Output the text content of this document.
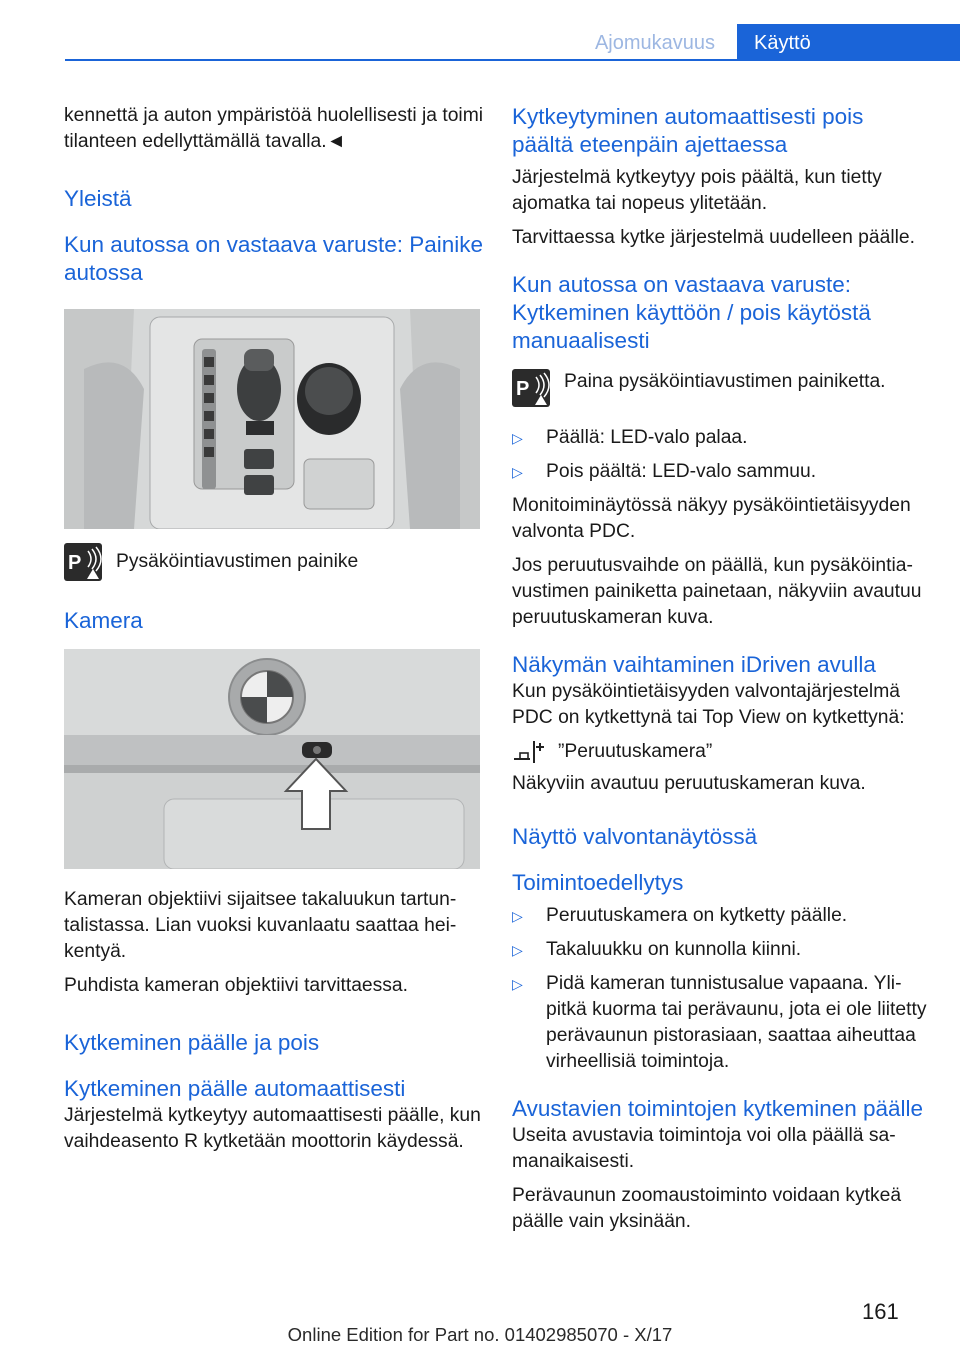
Ajomukavuus	Käyttö

kennettä ja auton ympäristöä huolellisesti ja toimi tilanteen edellyttämällä tavalla.◄

Yleistä
Kun autossa on vastaava varuste: Painike autossa
P Pysäköintiavustimen painike
Kamera

Kameran objektiivi sijaitsee takaluukun tartuntalistassa. Lian vuoksi kuvanlaatu saattaa heikentyä.

Puhdista kameran objektiivi tarvittaessa.

Kytkeminen päälle ja pois
Kytkeminen päälle automaattisesti

Järjestelmä kytkeytyy automaattisesti päälle, kun vaihdeasento R kytketään moottorin käydessä.

Kytkeytyminen automaattisesti pois päältä eteenpäin ajettaessa

Järjestelmä kytkeytyy pois päältä, kun tietty ajomatka tai nopeus ylitetään.

Tarvittaessa kytke järjestelmä uudelleen päälle.

Kun autossa on vastaava varuste: Kytkeminen käyttöön / pois käytöstä manuaalisesti
P Paina pysäköintiavustimen painiketta.
▷ Päällä: LED-valo palaa.
▷ Pois päältä: LED-valo sammuu.

Monitoiminäytössä näkyy pysäköintietäisyyden valvonta PDC.

Jos peruutusvaihde on päällä, kun pysäköintiavustimen painiketta painetaan, näkyviin avautuu peruutuskameran kuva.

Näkymän vaihtaminen iDriven avulla

Kun pysäköintietäisyyden valvontajärjestelmä PDC on kytkettynä tai Top View on kytkettynä:

”Peruutuskamera”

Näkyviin avautuu peruutuskameran kuva.

Näyttö valvontanäytössä
Toimintoedellytys
▷ Peruutuskamera on kytketty päälle.
▷ Takaluukku on kunnolla kiinni.
▷ Pidä kameran tunnistusalue vapaana. Ylipitkä kuorma tai perävaunu, jota ei ole liitetty perävaunun pistorasiaan, saattaa aiheuttaa virheellisiä toimintoja.
Avustavien toimintojen kytkeminen päälle

Useita avustavia toimintoja voi olla päällä samanaikaisesti.

Perävaunun zoomaustoiminto voidaan kytkeä päälle vain yksinään.

161
Online Edition for Part no. 01402985070 - X/17
